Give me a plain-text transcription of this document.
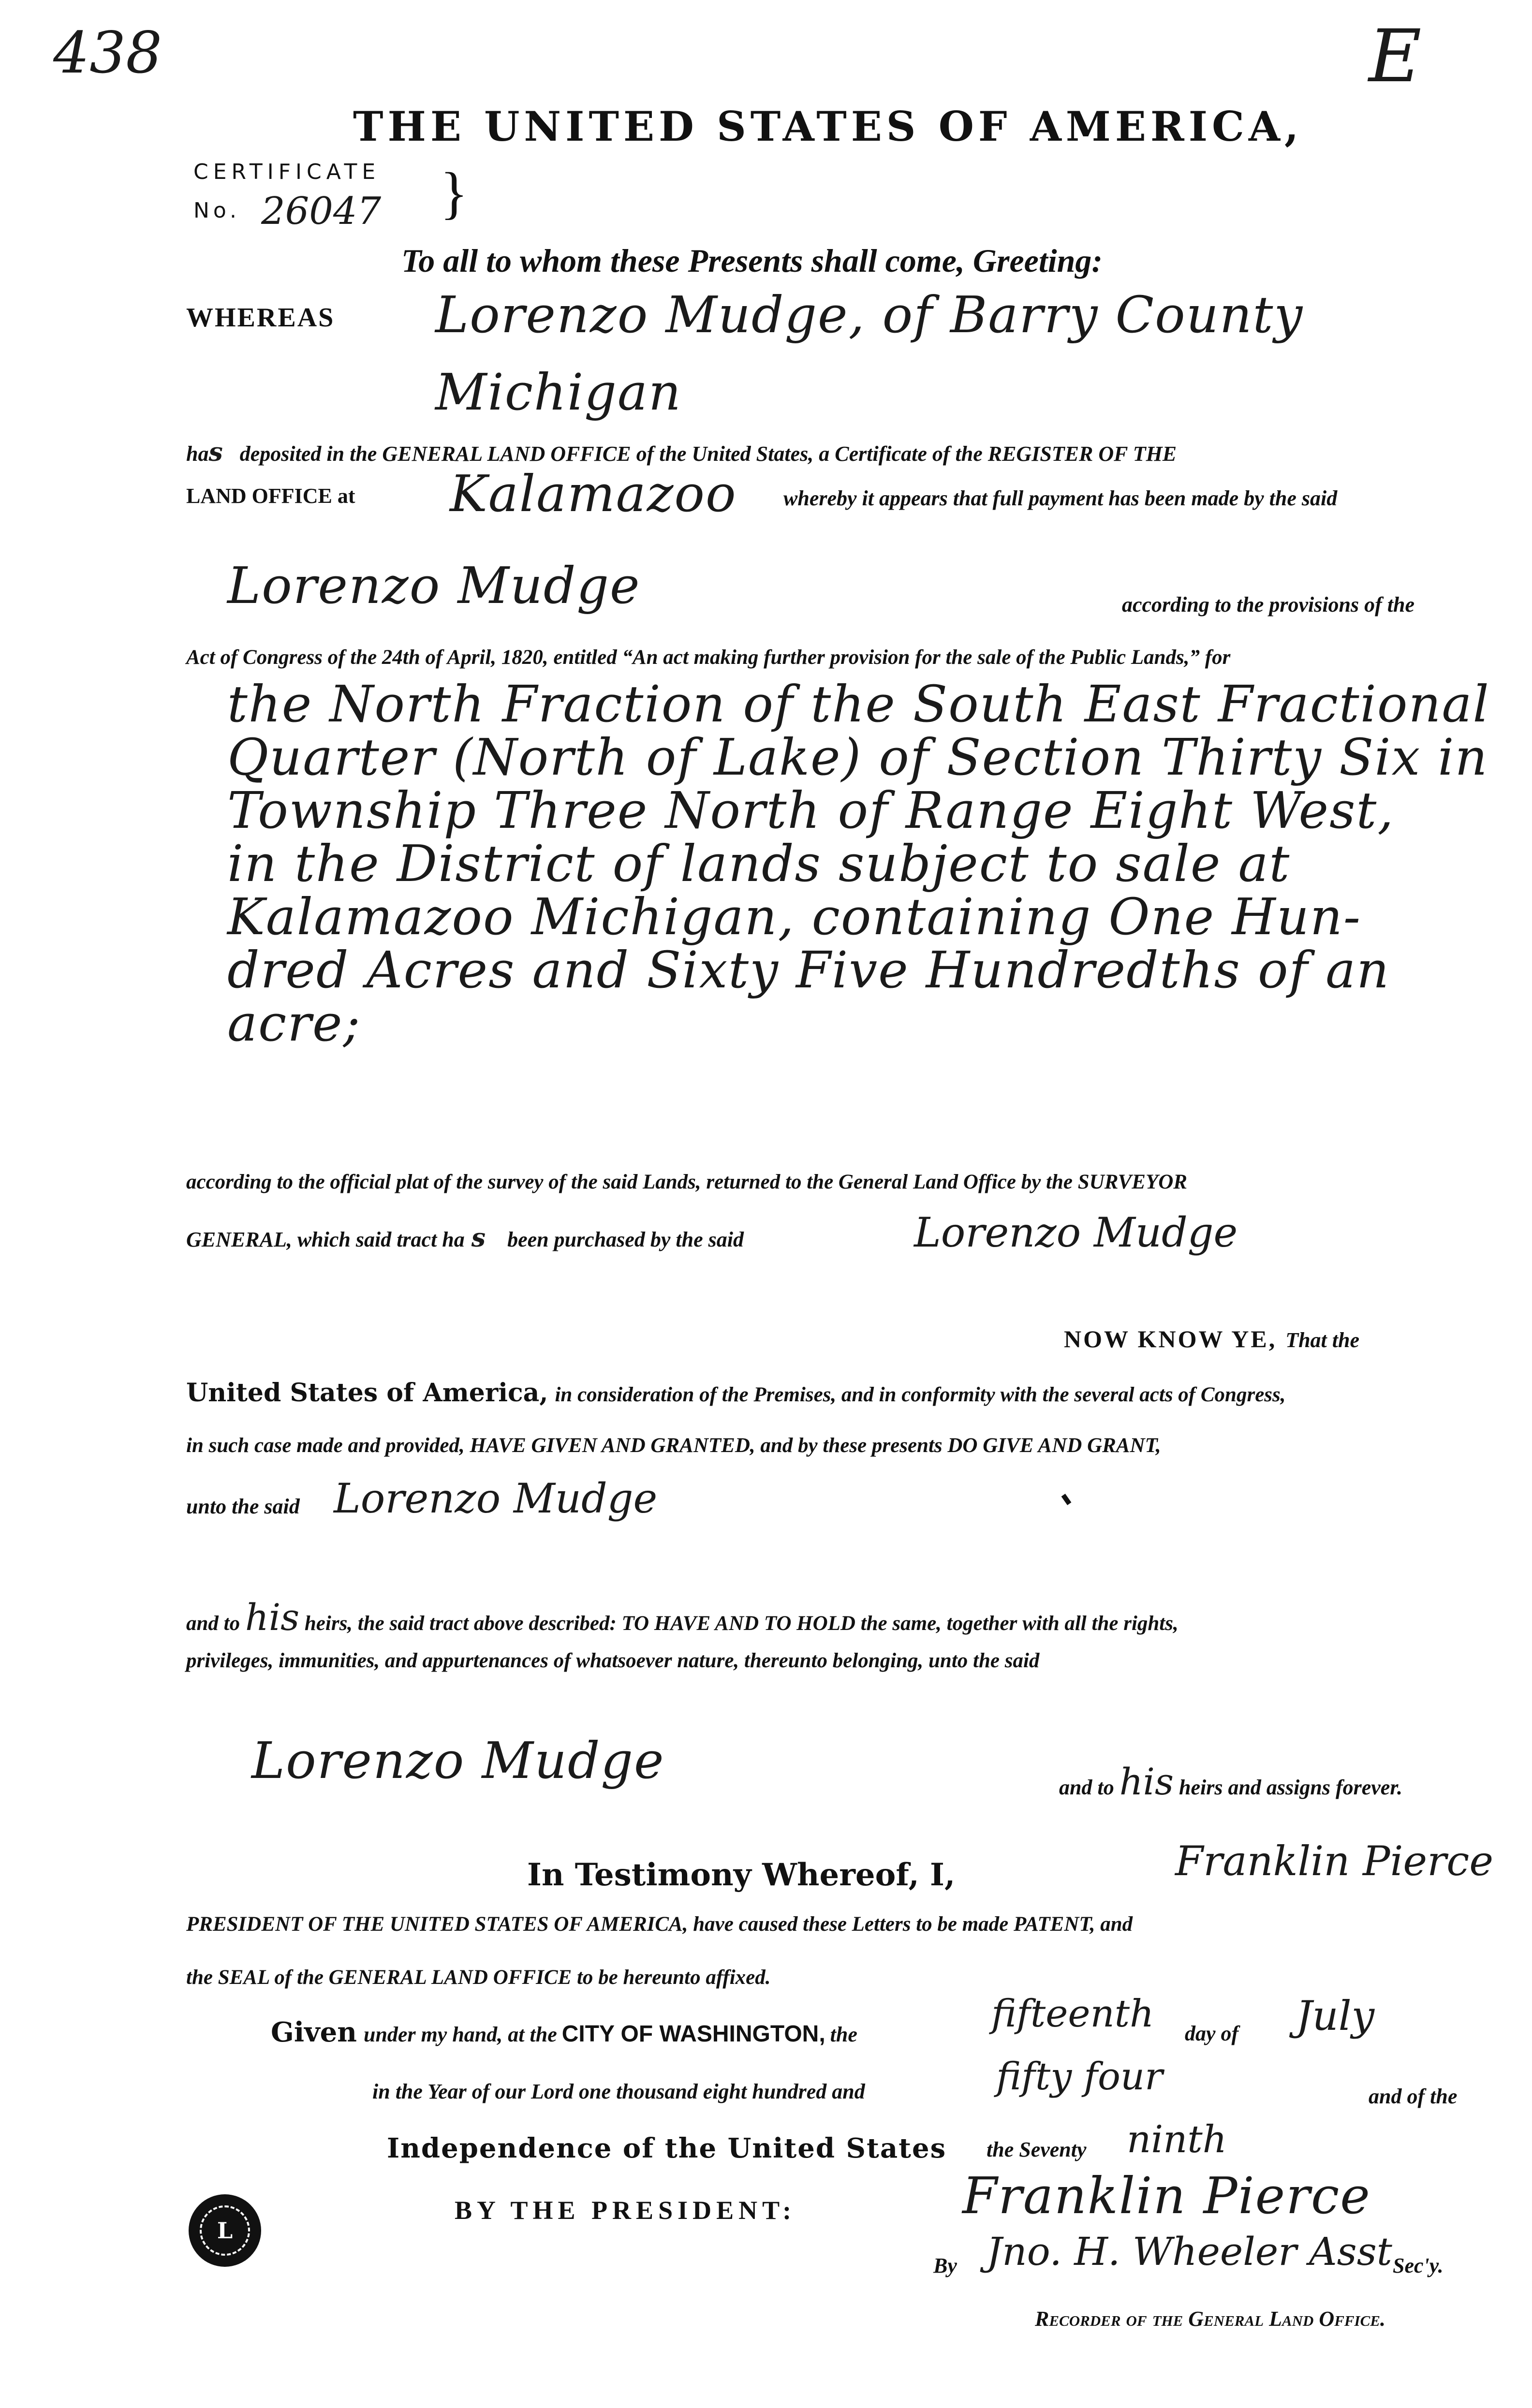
438	E
THE UNITED STATES OF AMERICA,
CERTIFICATE
No. 26047 }
To all to whom these Presents shall come, Greeting:
WHEREAS Lorenzo Mudge, of Barry County
Michigan
has deposited in the GENERAL LAND OFFICE of the United States, a Certificate of the REGISTER OF THE
LAND OFFICE at Kalamazoo whereby it appears that full payment has been made by the said
Lorenzo Mudge	according to the provisions of the
Act of Congress of the 24th of April, 1820, entitled “An act making further provision for the sale of the Public Lands,” for
the North Fraction of the South East Fractional
Quarter (North of Lake) of Section Thirty Six in
Township Three North of Range Eight West,
in the District of lands subject to sale at
Kalamazoo Michigan, containing One Hun-
dred Acres and Sixty Five Hundredths of an
acre;
according to the official plat of the survey of the said Lands, returned to the General Land Office by the SURVEYOR
GENERAL, which said tract ha s been purchased by the said	Lorenzo Mudge
NOW KNOW YE, That the
United States of America, in consideration of the Premises, and in conformity with the several acts of Congress,
in such case made and provided, HAVE GIVEN AND GRANTED, and by these presents DO GIVE AND GRANT,
unto the said Lorenzo Mudge
and to his heirs, the said tract above described: TO HAVE AND TO HOLD the same, together with all the rights,
privileges, immunities, and appurtenances of whatsoever nature, thereunto belonging, unto the said
Lorenzo Mudge	and to his heirs and assigns forever.
In Testimony Whereof, I,	Franklin Pierce
PRESIDENT OF THE UNITED STATES OF AMERICA, have caused these Letters to be made PATENT, and
the SEAL of the GENERAL LAND OFFICE to be hereunto affixed.
Given under my hand, at the CITY OF WASHINGTON, the	fifteenth day of July
in the Year of our Lord one thousand eight hundred and	fifty four	and of the
Independence of the United States the Seventy ninth
L
BY THE PRESIDENT:	Franklin Pierce
By Jno. H. Wheeler Asst Sec'y.
Recorder of the General Land Office.
